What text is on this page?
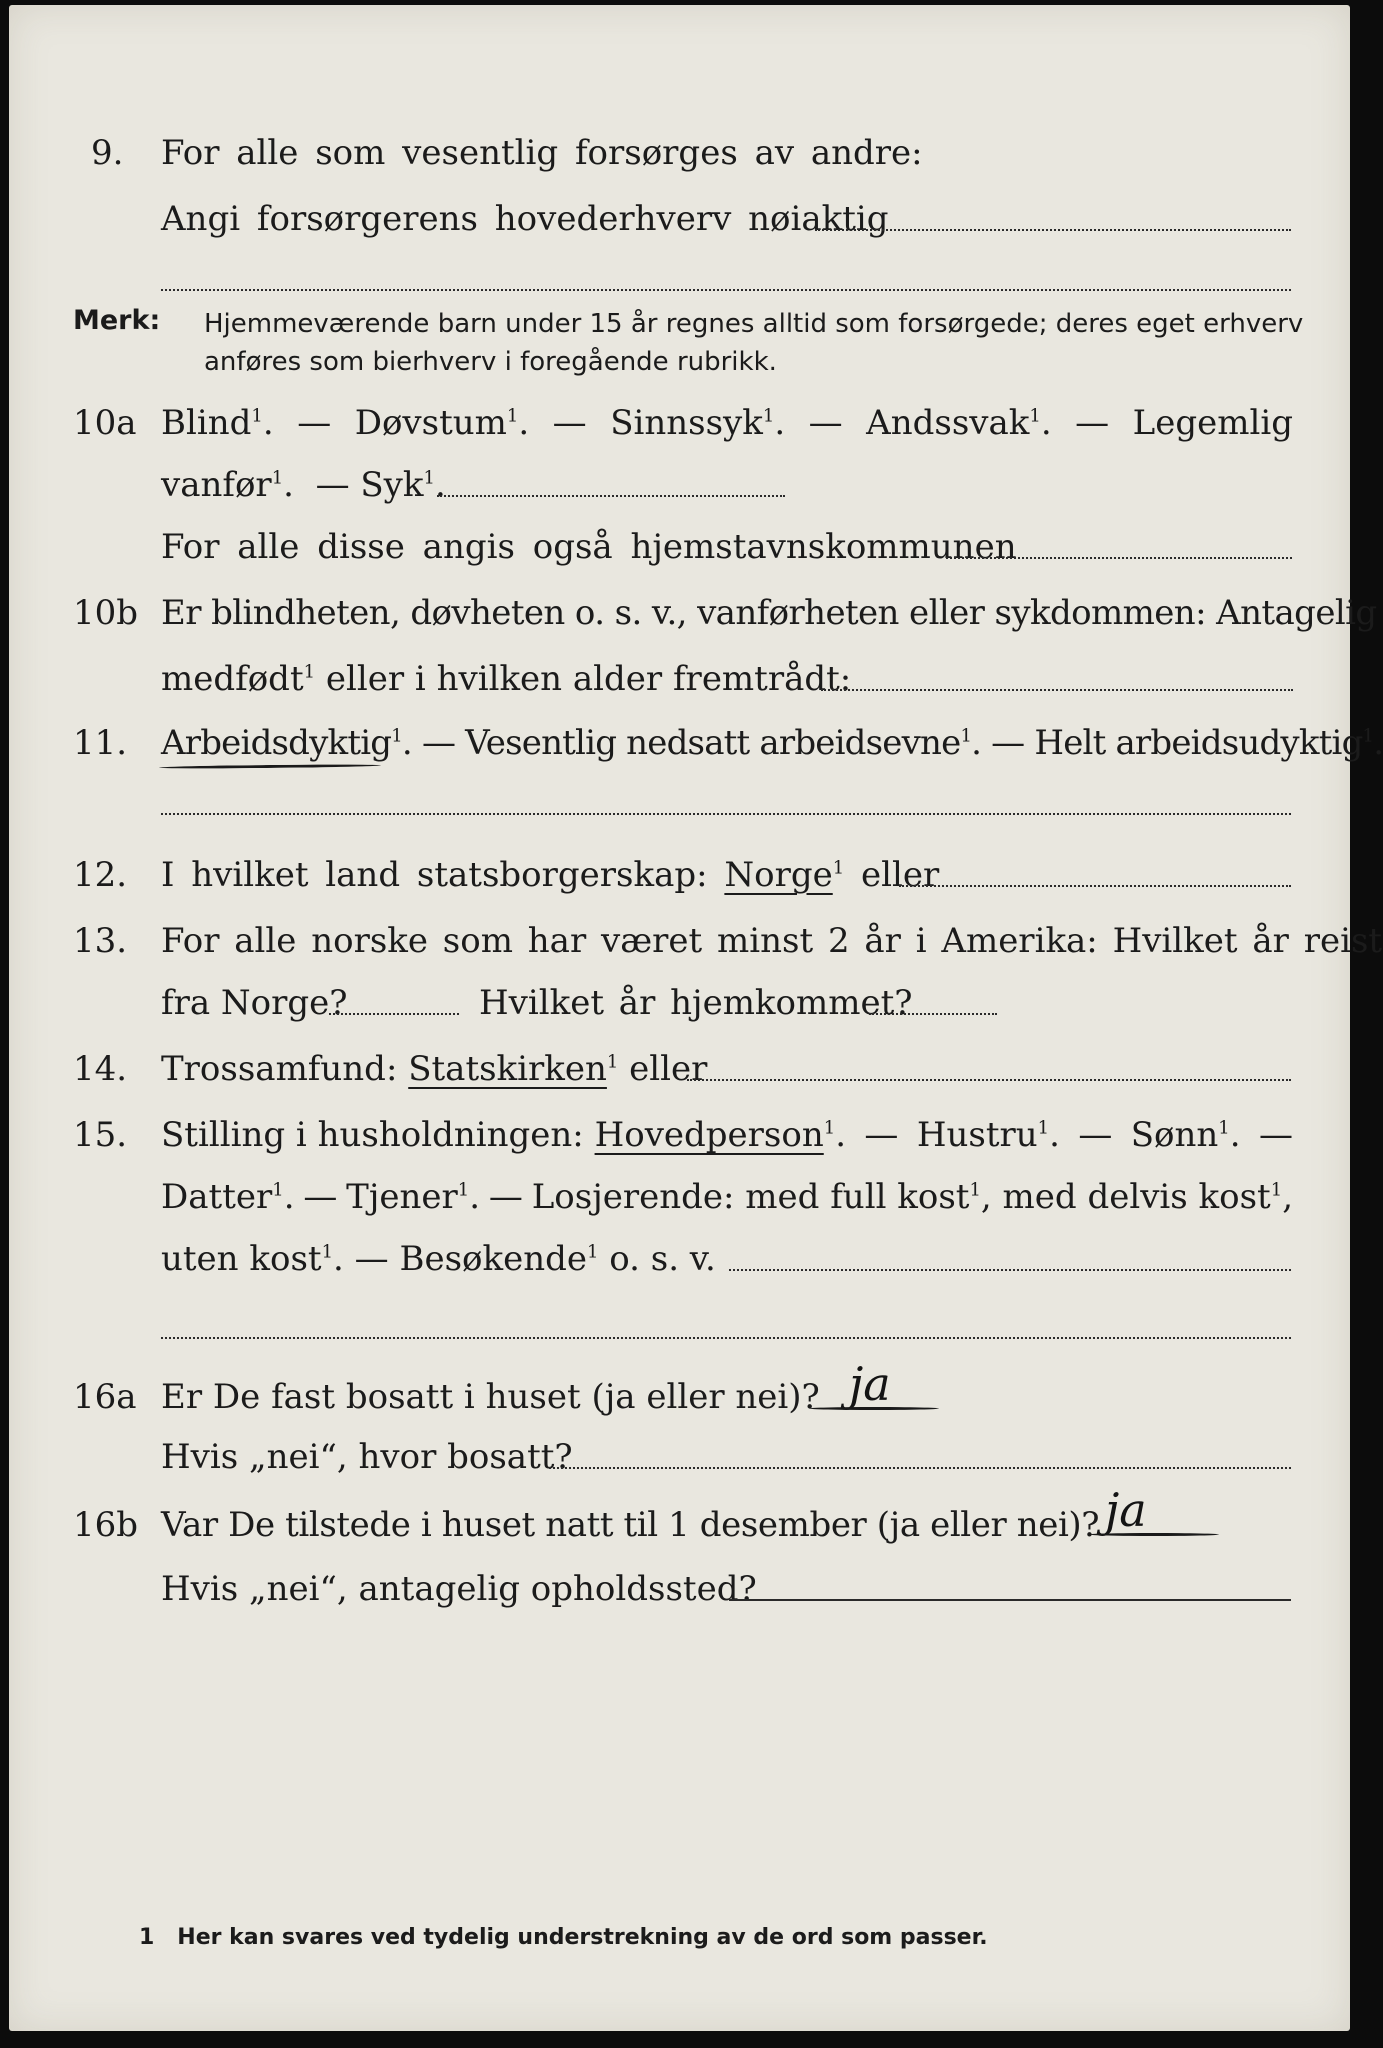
9. For alle som vesentlig forsørges av andre:
Angi forsørgerens hovederhverv nøiaktig
Merk: Hjemmeværende barn under 15 år regnes alltid som forsørgede; deres eget erhverv
anføres som bierhverv i foregående rubrikk.
10a Blind$^1$. — Døvstum$^1$. — Sinnssyk$^1$. — Andssvak$^1$. — Legemlig
vanfør$^1$.  — Syk$^1$.
For alle disse angis også hjemstavnskommunen
10b Er blindheten, døvheten o. s. v., vanførheten eller sykdommen: Antagelig
medfødt$^1$ eller i hvilken alder fremtrådt:
11. Arbeidsdyktig$^1$. — Vesentlig nedsatt arbeidsevne$^1$. — Helt arbeidsudyktig$^1$.
12. I hvilket land statsborgerskap: Norge$^1$ eller
13. For alle norske som har været minst 2 år i Amerika: Hvilket år reist
fra Norge?	Hvilket år hjemkommet?
14. Trossamfund: Statskirken$^1$ eller
15. Stilling i husholdningen: Hovedperson$^1$. — Hustru$^1$. — Sønn$^1$. —
Datter$^1$. — Tjener$^1$. — Losjerende: med full kost$^1$, med delvis kost$^1$,
uten kost$^1$. — Besøkende$^1$ o. s. v.
16a Er De fast bosatt i huset (ja eller nei)? ja
Hvis „nei“, hvor bosatt?
16b Var De tilstede i huset natt til 1 desember (ja eller nei)? ja
Hvis „nei“, antagelig opholdssted?
1 Her kan svares ved tydelig understrekning av de ord som passer.
